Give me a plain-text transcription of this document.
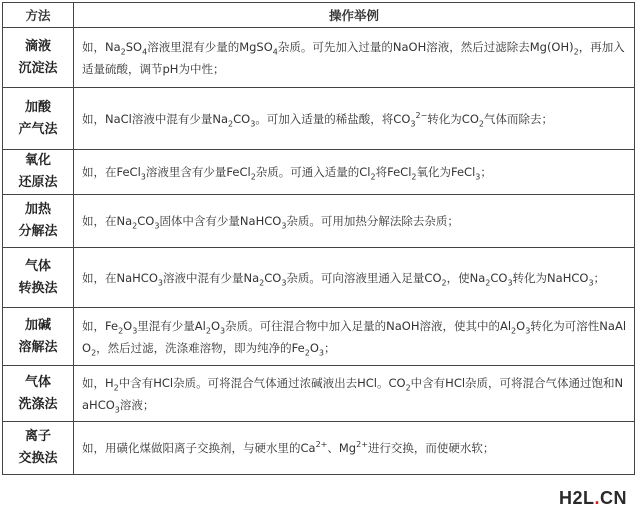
方法	操作举例

滴液
沉淀法	如，$Na_2SO_4$溶液里混有少量的MgSO$_4$杂质。可先加入过量的NaOH溶液，然后过滤除去$Mg(OH)_2$，再加入适量硫酸，调节pH为中性；

加酸
产气法	如，NaCl溶液中混有少量$Na_2CO_3$。可加入适量的稀盐酸，将$CO_3^{2-}$转化为$CO_2$气体而除去；

氧化
还原法	如，在FeCl$_3$溶液里含有少量FeCl$_2$杂质。可通入适量的$Cl_2$将FeCl$_2$氧化为FeCl$_3$；

加热
分解法	如，在$Na_2CO_3$固体中含有少量NaHCO$_3$杂质。可用加热分解法除去杂质；

气体
转换法	如，在NaHCO$_3$溶液中混有少量$Na_2CO_3$杂质。可向溶液里通入足量$CO_2$，使$Na_2CO_3$转化为NaHCO$_3$；

加碱
溶解法	如，$Fe_2O_3$里混有少量$Al_2O_3$杂质。可往混合物中加入足量的NaOH溶液，使其中的$Al_2O_3$转化为可溶性NaAlO$_2$，然后过滤，洗涤难溶物，即为纯净的$Fe_2O_3$；

气体
洗涤法	如，$H_2$中含有HCl杂质。可将混合气体通过浓碱液出去HCl。$CO_2$中含有HCl杂质，可将混合气体通过饱和NaHCO$_3$溶液；

离子
交换法	如，用磺化煤做阳离子交换剂，与硬水里的$Ca^{2+}$、$Mg^{2+}$进行交换，而使硬水软；
H2L.CN
